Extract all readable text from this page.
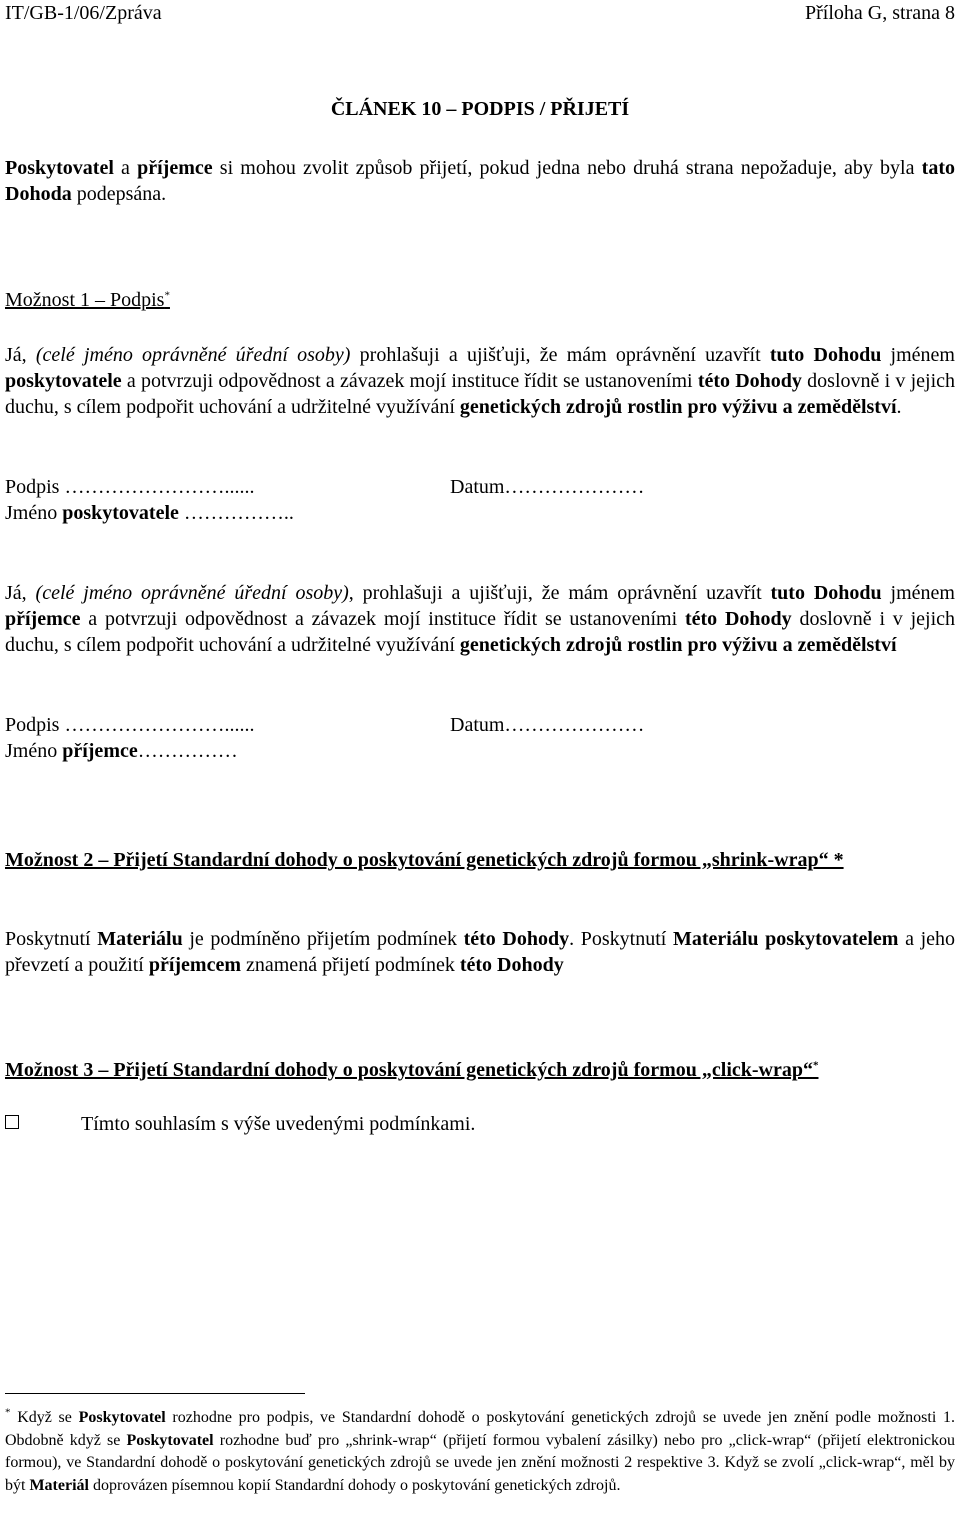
IT/GB-1/06/Zpráva	Příloha G, strana 8
ČLÁNEK 10 – PODPIS / PŘIJETÍ

Poskytovatel a příjemce si mohou zvolit způsob přijetí, pokud jedna nebo druhá strana nepožaduje, aby byla tato Dohoda podepsána.

Možnost 1 – Podpis*

Já, (celé jméno oprávněné úřední osoby) prohlašuji a ujišťuji, že mám oprávnění uzavřít tuto Dohodu jménem poskytovatele a potvrzuji odpovědnost a závazek mojí instituce řídit se ustanoveními této Dohody doslovně i v jejich duchu, s cílem podpořit uchování a udržitelné využívání genetických zdrojů rostlin pro výživu a zemědělství.

Podpis ……………………......	Datum…………………
Jméno poskytovatele ……………..

Já, (celé jméno oprávněné úřední osoby), prohlašuji a ujišťuji, že mám oprávnění uzavřít tuto Dohodu jménem příjemce a potvrzuji odpovědnost a závazek mojí instituce řídit se ustanoveními této Dohody doslovně i v jejich duchu, s cílem podpořit uchování a udržitelné využívání genetických zdrojů rostlin pro výživu a zemědělství

Podpis ……………………......	Datum…………………
Jméno příjemce……………
Možnost 2 – Přijetí Standardní dohody o poskytování genetických zdrojů formou „shrink-wrap“ *

Poskytnutí Materiálu je podmíněno přijetím podmínek této Dohody. Poskytnutí Materiálu poskytovatelem a jeho převzetí a použití příjemcem znamená přijetí podmínek této Dohody

Možnost 3 – Přijetí Standardní dohody o poskytování genetických zdrojů formou „click-wrap“*
Tímto souhlasím s výše uvedenými podmínkami.
* Když se Poskytovatel rozhodne pro podpis, ve Standardní dohodě o poskytování genetických zdrojů se uvede jen znění podle možnosti 1. Obdobně když se Poskytovatel rozhodne buď pro „shrink-wrap“ (přijetí formou vybalení zásilky) nebo pro „click-wrap“ (přijetí elektronickou formou), ve Standardní dohodě o poskytování genetických zdrojů se uvede jen znění možnosti 2 respektive 3. Když se zvolí „click-wrap“, měl by být Materiál doprovázen písemnou kopií Standardní dohody o poskytování genetických zdrojů.
